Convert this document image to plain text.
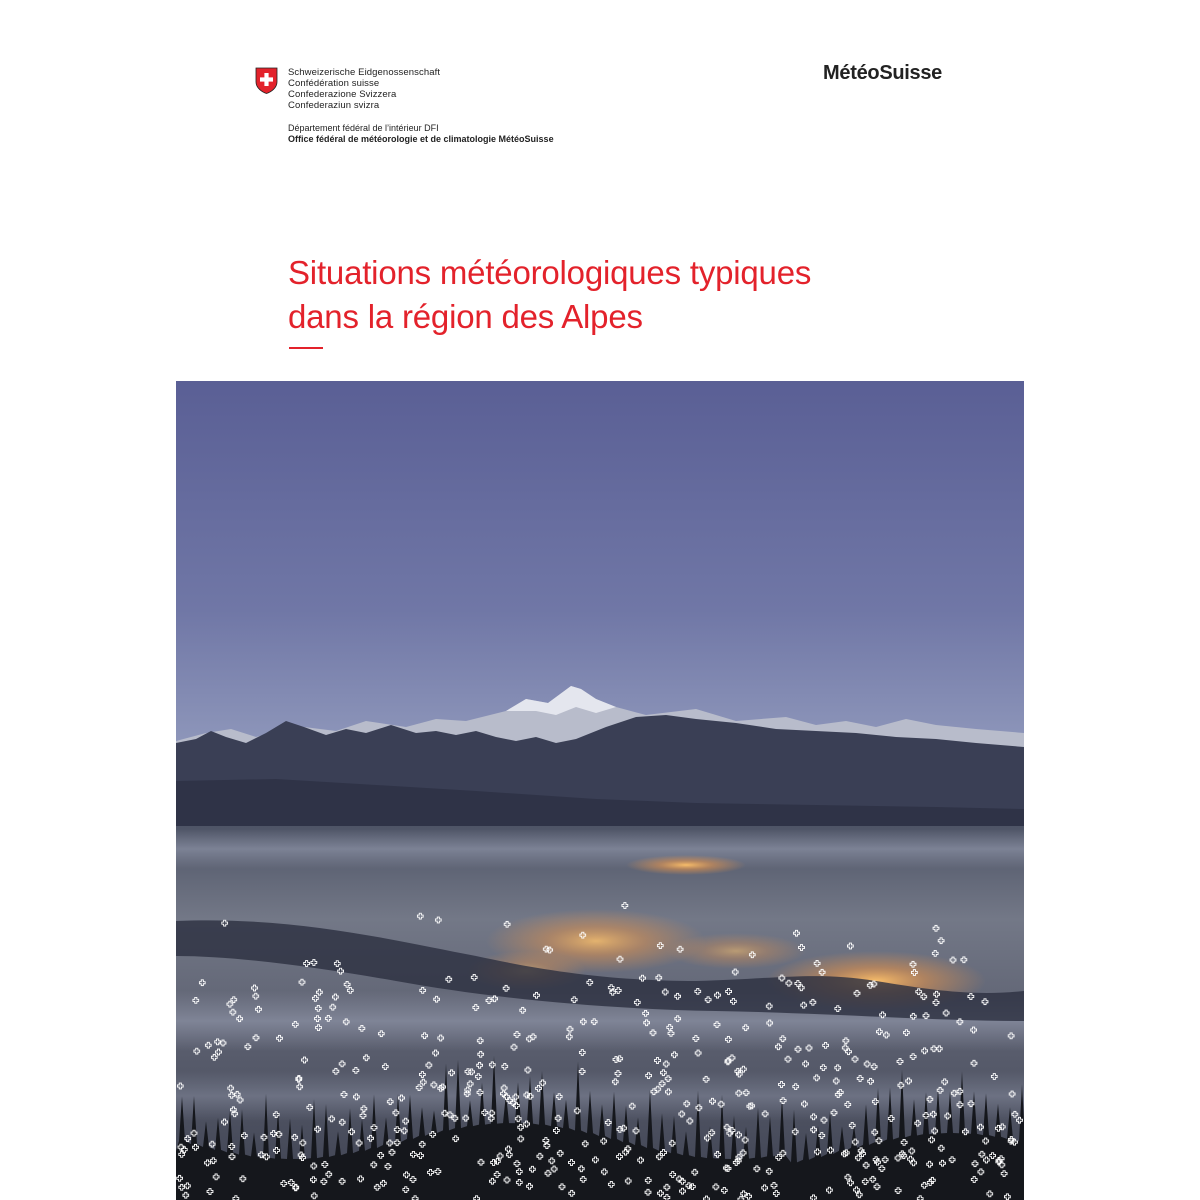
Schweizerische Eidgenossenschaft
Confédération suisse
Confederazione Svizzera
Confederaziun svizra
Département fédéral de l’intérieur DFI
Office fédéral de météorologie et de climatologie MétéoSuisse
MétéoSuisse
Situations météorologiques typiques
dans la région des Alpes
